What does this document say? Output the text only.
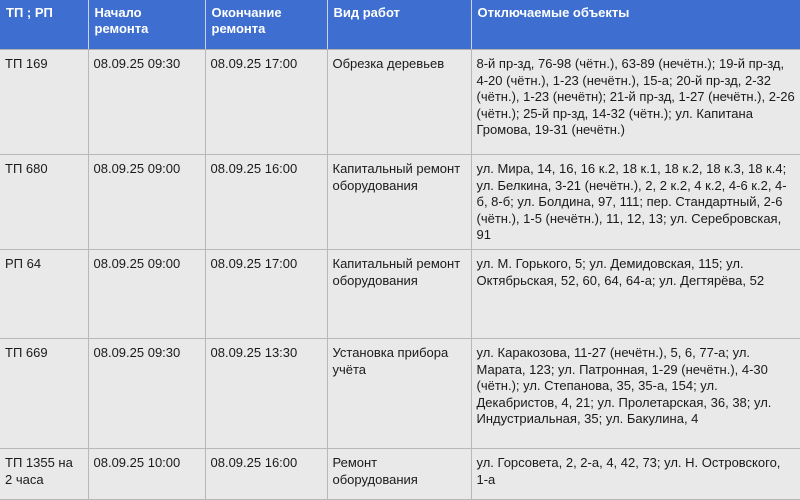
ТП ; РП	Начало ремонта	Окончание ремонта	Вид работ	Отключаемые объекты
ТП 169	08.09.25 09:30	08.09.25 17:00	Обрезка деревьев	8-й пр-зд, 76-98 (чётн.), 63-89 (нечётн.); 19-й пр-зд, 4-20 (чётн.), 1-23 (нечётн.), 15-а; 20-й пр-зд, 2-32 (чётн.), 1-23 (нечётн); 21-й пр-зд, 1-27 (нечётн.), 2-26 (чётн.); 25-й пр-зд, 14-32 (чётн.); ул. Капитана Громова, 19-31 (нечётн.)
ТП 680	08.09.25 09:00	08.09.25 16:00	Капитальный ремонт оборудования	ул. Мира, 14, 16, 16 к.2, 18 к.1, 18 к.2, 18 к.3, 18 к.4; ул. Белкина, 3-21 (нечётн.), 2, 2 к.2, 4 к.2, 4-6 к.2, 4-б, 8-б; ул. Болдина, 97, 111; пер. Стандартный, 2-6 (чётн.), 1-5 (нечётн.), 11, 12, 13; ул. Серебровская, 91
РП 64	08.09.25 09:00	08.09.25 17:00	Капитальный ремонт оборудования	ул. М. Горького, 5; ул. Демидовская, 115; ул. Октябрьская, 52, 60, 64, 64-а; ул. Дегтярёва, 52
ТП 669	08.09.25 09:30	08.09.25 13:30	Установка прибора учёта	ул. Каракозова, 11-27 (нечётн.), 5, 6, 77-а; ул. Марата, 123; ул. Патронная, 1-29 (нечётн.), 4-30 (чётн.); ул. Степанова, 35, 35-а, 154; ул. Декабристов, 4, 21; ул. Пролетарская, 36, 38; ул. Индустриальная, 35; ул. Бакулина, 4
ТП 1355 на 2 часа	08.09.25 10:00	08.09.25 16:00	Ремонт оборудования	ул. Горсовета, 2, 2-а, 4, 42, 73; ул. Н. Островского, 1-а
